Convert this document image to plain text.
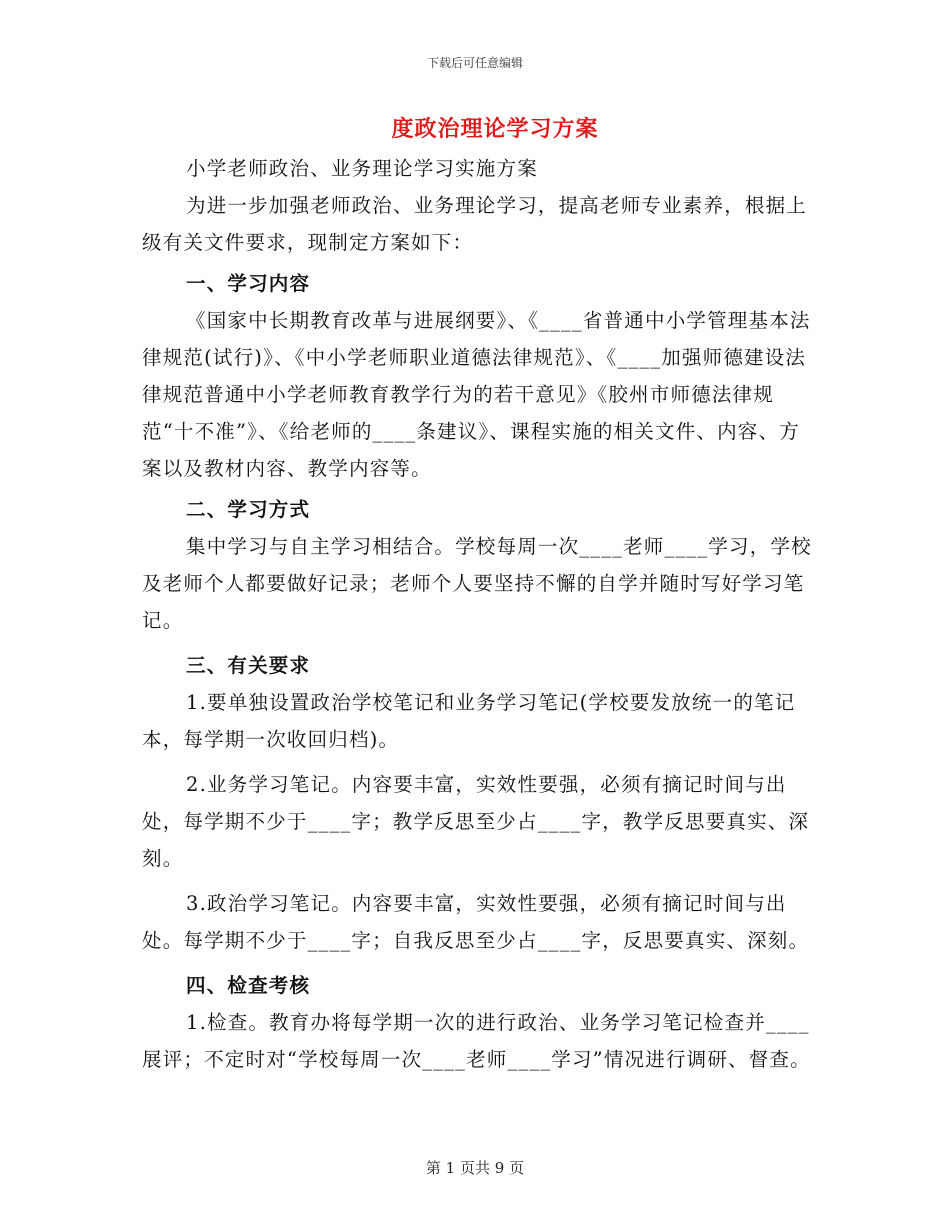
下载后可任意编辑
度政治理论学习方案

小学老师政治、业务理论学习实施方案

为进一步加强老师政治、业务理论学习，提高老师专业素养，根据上级有关文件要求，现制定方案如下：

一、学习内容

《国家中长期教育改革与进展纲要》、《____省普通中小学管理基本法律规范(试行)》、《中小学老师职业道德法律规范》、《____加强师德建设法律规范普通中小学老师教育教学行为的若干意见》《胶州市师德法律规范“十不准”》、《给老师的____条建议》、课程实施的相关文件、内容、方案以及教材内容、教学内容等。

二、学习方式

集中学习与自主学习相结合。学校每周一次____老师____学习，学校及老师个人都要做好记录；老师个人要坚持不懈的自学并随时写好学习笔记。

三、有关要求

1.要单独设置政治学校笔记和业务学习笔记(学校要发放统一的笔记本，每学期一次收回归档)。

2.业务学习笔记。内容要丰富，实效性要强，必须有摘记时间与出处，每学期不少于____字；教学反思至少占____字，教学反思要真实、深刻。

3.政治学习笔记。内容要丰富，实效性要强，必须有摘记时间与出处。每学期不少于____字；自我反思至少占____字，反思要真实、深刻。

四、检查考核

1.检查。教育办将每学期一次的进行政治、业务学习笔记检查并____展评；不定时对“学校每周一次____老师____学习”情况进行调研、督查。

第 1 页共 9 页
